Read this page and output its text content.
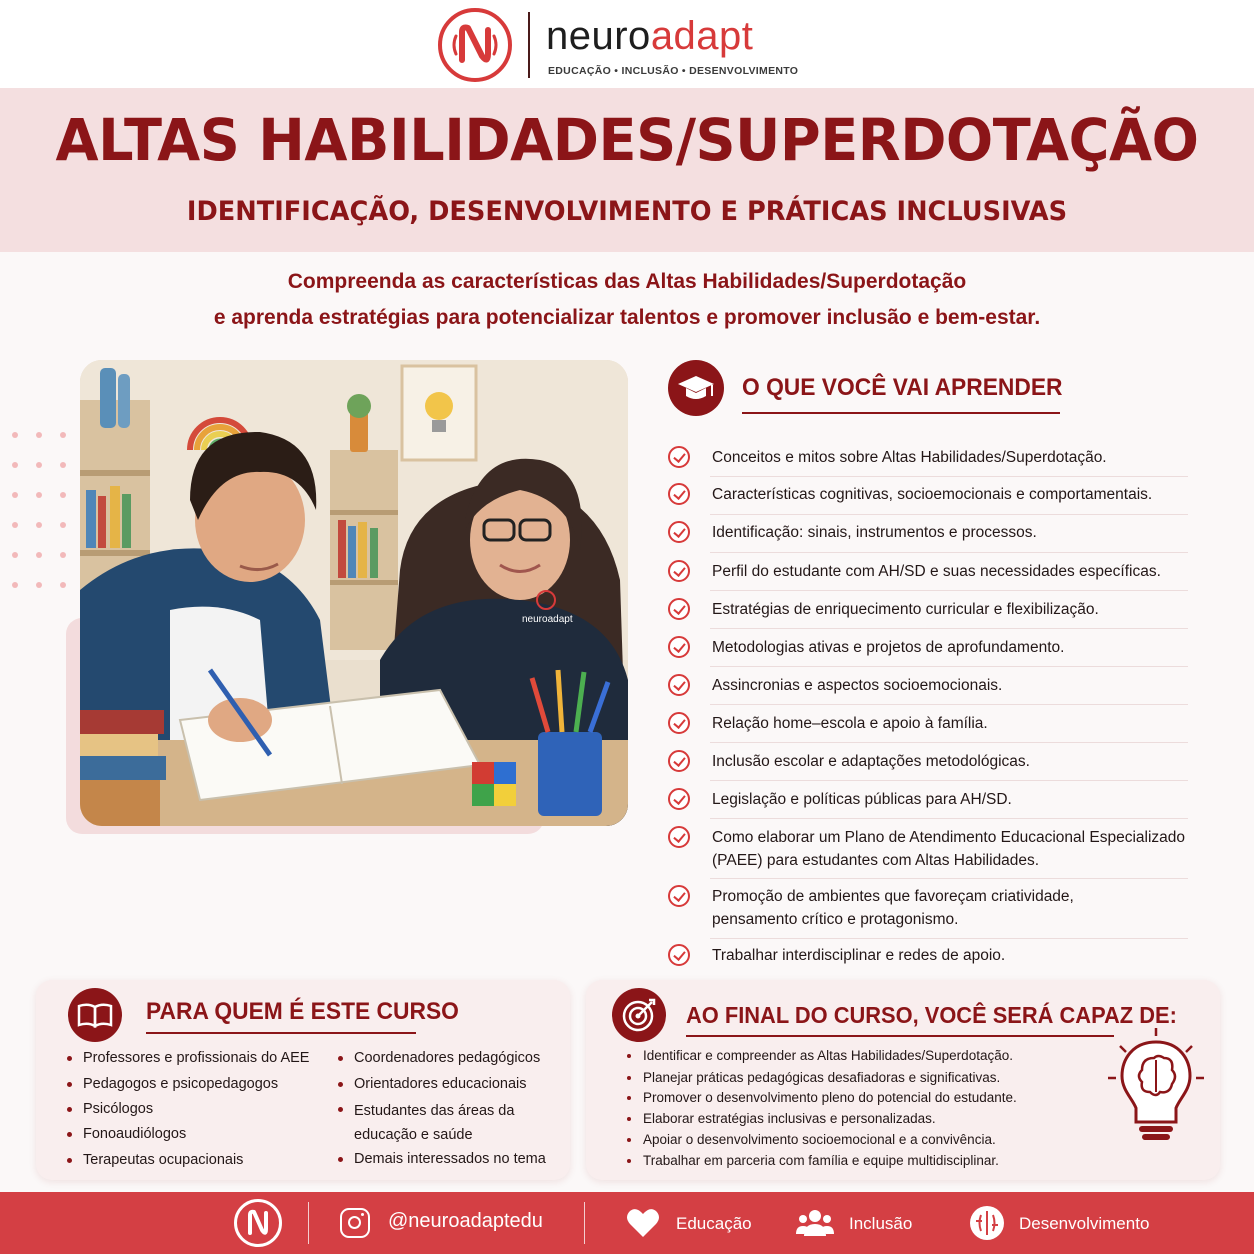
neuroadapt
EDUCAÇÃO • INCLUSÃO • DESENVOLVIMENTO
ALTAS HABILIDADES/SUPERDOTAÇÃO
IDENTIFICAÇÃO, DESENVOLVIMENTO E PRÁTICAS INCLUSIVAS
Compreenda as características das Altas Habilidades/Superdotação
e aprenda estratégias para potencializar talentos e promover inclusão e bem-estar.
neuroadapt
O QUE VOCÊ VAI APRENDER
Conceitos e mitos sobre Altas Habilidades/Superdotação.
Características cognitivas, socioemocionais e comportamentais.
Identificação: sinais, instrumentos e processos.
Perfil do estudante com AH/SD e suas necessidades específicas.
Estratégias de enriquecimento curricular e flexibilização.
Metodologias ativas e projetos de aprofundamento.
Assincronias e aspectos socioemocionais.
Relação home–escola e apoio à família.
Inclusão escolar e adaptações metodológicas.
Legislação e políticas públicas para AH/SD.
Como elaborar um Plano de Atendimento Educacional Especializado (PAEE) para estudantes com Altas Habilidades.
Promoção de ambientes que favoreçam criatividade, pensamento crítico e protagonismo.
Trabalhar interdisciplinar e redes de apoio.
PARA QUEM É ESTE CURSO
Professores e profissionais do AEE
Pedagogos e psicopedagogos
Psicólogos
Fonoaudiólogos
Terapeutas ocupacionais
Coordenadores pedagógicos
Orientadores educacionais
Estudantes das áreas da educação e saúde
Demais interessados no tema
AO FINAL DO CURSO, VOCÊ SERÁ CAPAZ DE:
Identificar e compreender as Altas Habilidades/Superdotação.
Planejar práticas pedagógicas desafiadoras e significativas.
Promover o desenvolvimento pleno do potencial do estudante.
Elaborar estratégias inclusivas e personalizadas.
Apoiar o desenvolvimento socioemocional e a convivência.
Trabalhar em parceria com família e equipe multidisciplinar.
@neuroadaptedu	Educação	Inclusão	Desenvolvimento
